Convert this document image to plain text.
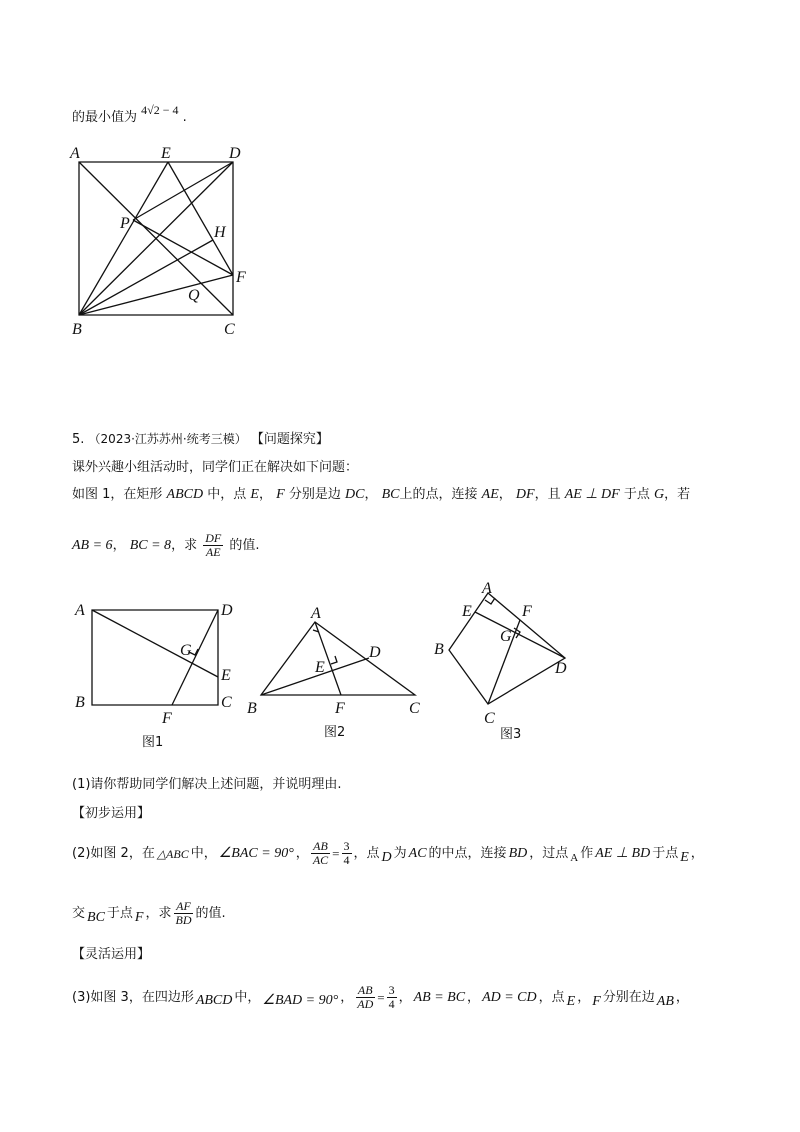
的最小值为 4√2 − 4 .
A	E	D
P
H
F
Q
B	C
5. （2023·江苏苏州·统考三模） 【问题探究】
课外兴趣小组活动时，同学们正在解决如下问题：
如图 1，在矩形 ABCD 中，点 E， F 分别是边 DC， BC上的点，连接 AE， DF，且 AE ⊥ DF 于点 G，若
AB = 6， BC = 8，求 $\frac{DF}{AE}$ 的值.
A	D
G
E
B
F
C
图1
A
D
E
B	F	C
图2
A
E	F
G
B
D
C
图3
(1)请你帮助同学们解决上述问题，并说明理由.
【初步运用】
(2)如图 2，在 △ABC 中， ∠BAC = 90° ， $\frac{AB}{AC} = \frac{3}{4}$ ，点 D 为 AC 的中点，连接 BD ，过点 A 作 AE ⊥ BD 于点 E ，
交 BC 于点 F ，求 $\frac{AF}{BD}$ 的值.
【灵活运用】
(3)如图 3，在四边形 ABCD 中， ∠BAD = 90° ， $\frac{AB}{AD} = \frac{3}{4}$ ， AB = BC ， AD = CD ，点 E ， F 分别在边 AB ，
